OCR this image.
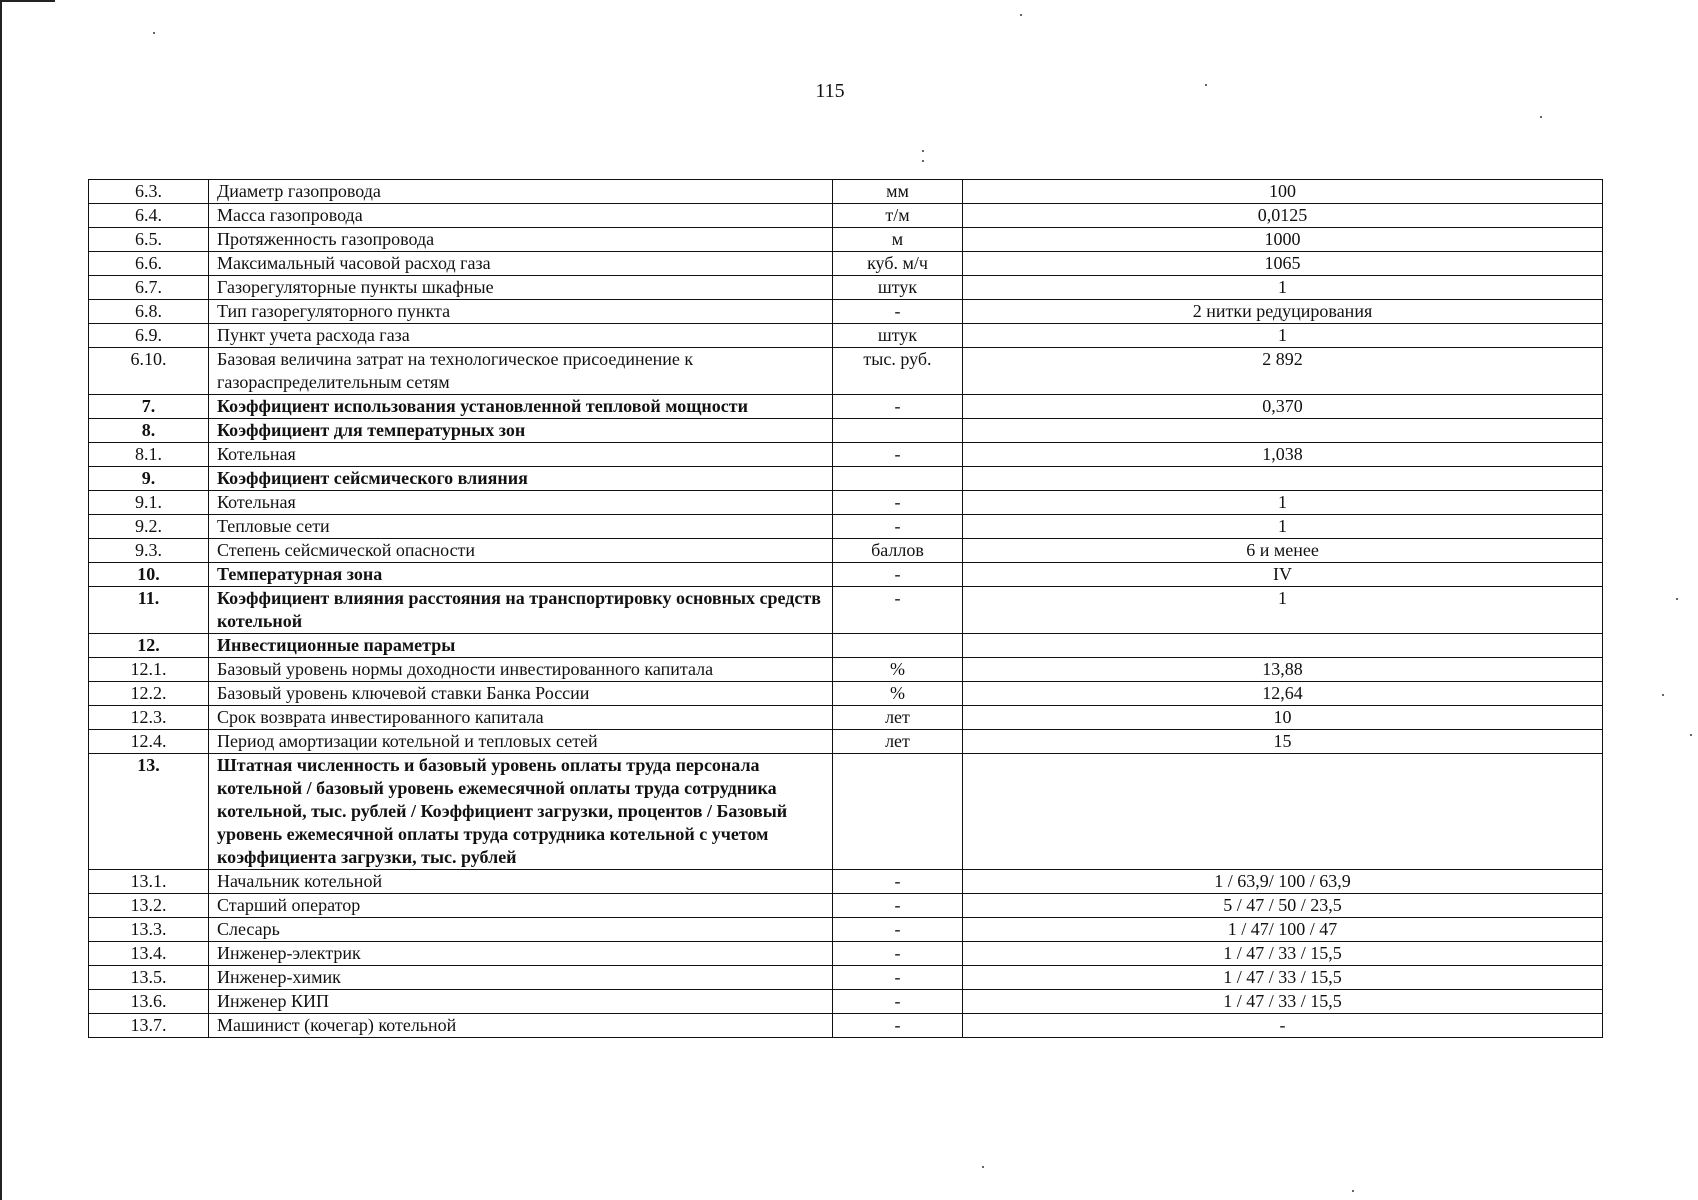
115
6.3.	Диаметр газопровода	мм	100
6.4.	Масса газопровода	т/м	0,0125
6.5.	Протяженность газопровода	м	1000
6.6.	Максимальный часовой расход газа	куб. м/ч	1065
6.7.	Газорегуляторные пункты шкафные	штук	1
6.8.	Тип газорегуляторного пункта	-	2 нитки редуцирования
6.9.	Пункт учета расхода газа	штук	1
6.10.	Базовая величина затрат на технологическое присоединение к газораспределительным сетям	тыс. руб.	2 892
7.	Коэффициент использования установленной тепловой мощности	-	0,370
8.	Коэффициент для температурных зон		
8.1.	Котельная	-	1,038
9.	Коэффициент сейсмического влияния		
9.1.	Котельная	-	1
9.2.	Тепловые сети	-	1
9.3.	Степень сейсмической опасности	баллов	6 и менее
10.	Температурная зона	-	IV
11.	Коэффициент влияния расстояния на транспортировку основных средств котельной	-	1
12.	Инвестиционные параметры		
12.1.	Базовый уровень нормы доходности инвестированного капитала	%	13,88
12.2.	Базовый уровень ключевой ставки Банка России	%	12,64
12.3.	Срок возврата инвестированного капитала	лет	10
12.4.	Период амортизации котельной и тепловых сетей	лет	15
13.	Штатная численность и базовый уровень оплаты труда персонала котельной / базовый уровень ежемесячной оплаты труда сотрудника котельной, тыс. рублей / Коэффициент загрузки, процентов / Базовый уровень ежемесячной оплаты труда сотрудника котельной с учетом коэффициента загрузки, тыс. рублей		
13.1.	Начальник котельной	-	1 / 63,9/ 100 / 63,9
13.2.	Старший оператор	-	5 / 47 / 50 / 23,5
13.3.	Слесарь	-	1 / 47/ 100 / 47
13.4.	Инженер-электрик	-	1 / 47 / 33 / 15,5
13.5.	Инженер-химик	-	1 / 47 / 33 / 15,5
13.6.	Инженер КИП	-	1 / 47 / 33 / 15,5
13.7.	Машинист (кочегар) котельной	-	-
